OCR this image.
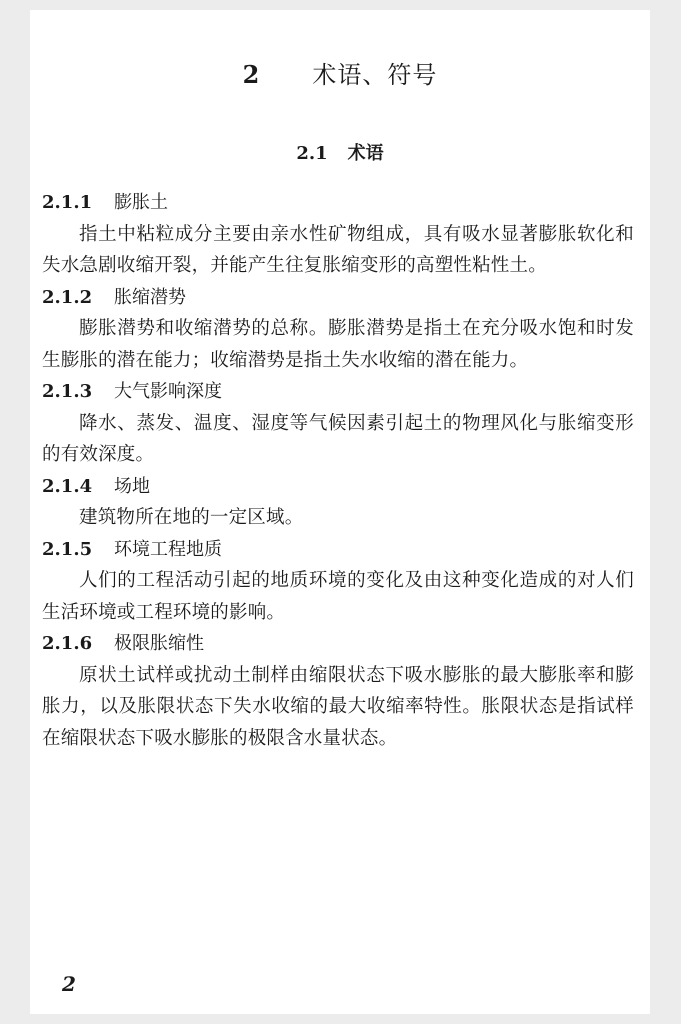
2 术语、符号
2.1 术语
2.1.1 膨胀土
指土中粘粒成分主要由亲水性矿物组成，具有吸水显著膨胀软化和失水急剧收缩开裂，并能产生往复胀缩变形的高塑性粘性土。
2.1.2 胀缩潜势
膨胀潜势和收缩潜势的总称。膨胀潜势是指土在充分吸水饱和时发生膨胀的潜在能力；收缩潜势是指土失水收缩的潜在能力。
2.1.3 大气影响深度
降水、蒸发、温度、湿度等气候因素引起土的物理风化与胀缩变形的有效深度。
2.1.4 场地
建筑物所在地的一定区域。
2.1.5 环境工程地质
人们的工程活动引起的地质环境的变化及由这种变化造成的对人们生活环境或工程环境的影响。
2.1.6 极限胀缩性
原状土试样或扰动土制样由缩限状态下吸水膨胀的最大膨胀率和膨胀力，以及胀限状态下失水收缩的最大收缩率特性。胀限状态是指试样在缩限状态下吸水膨胀的极限含水量状态。
2
